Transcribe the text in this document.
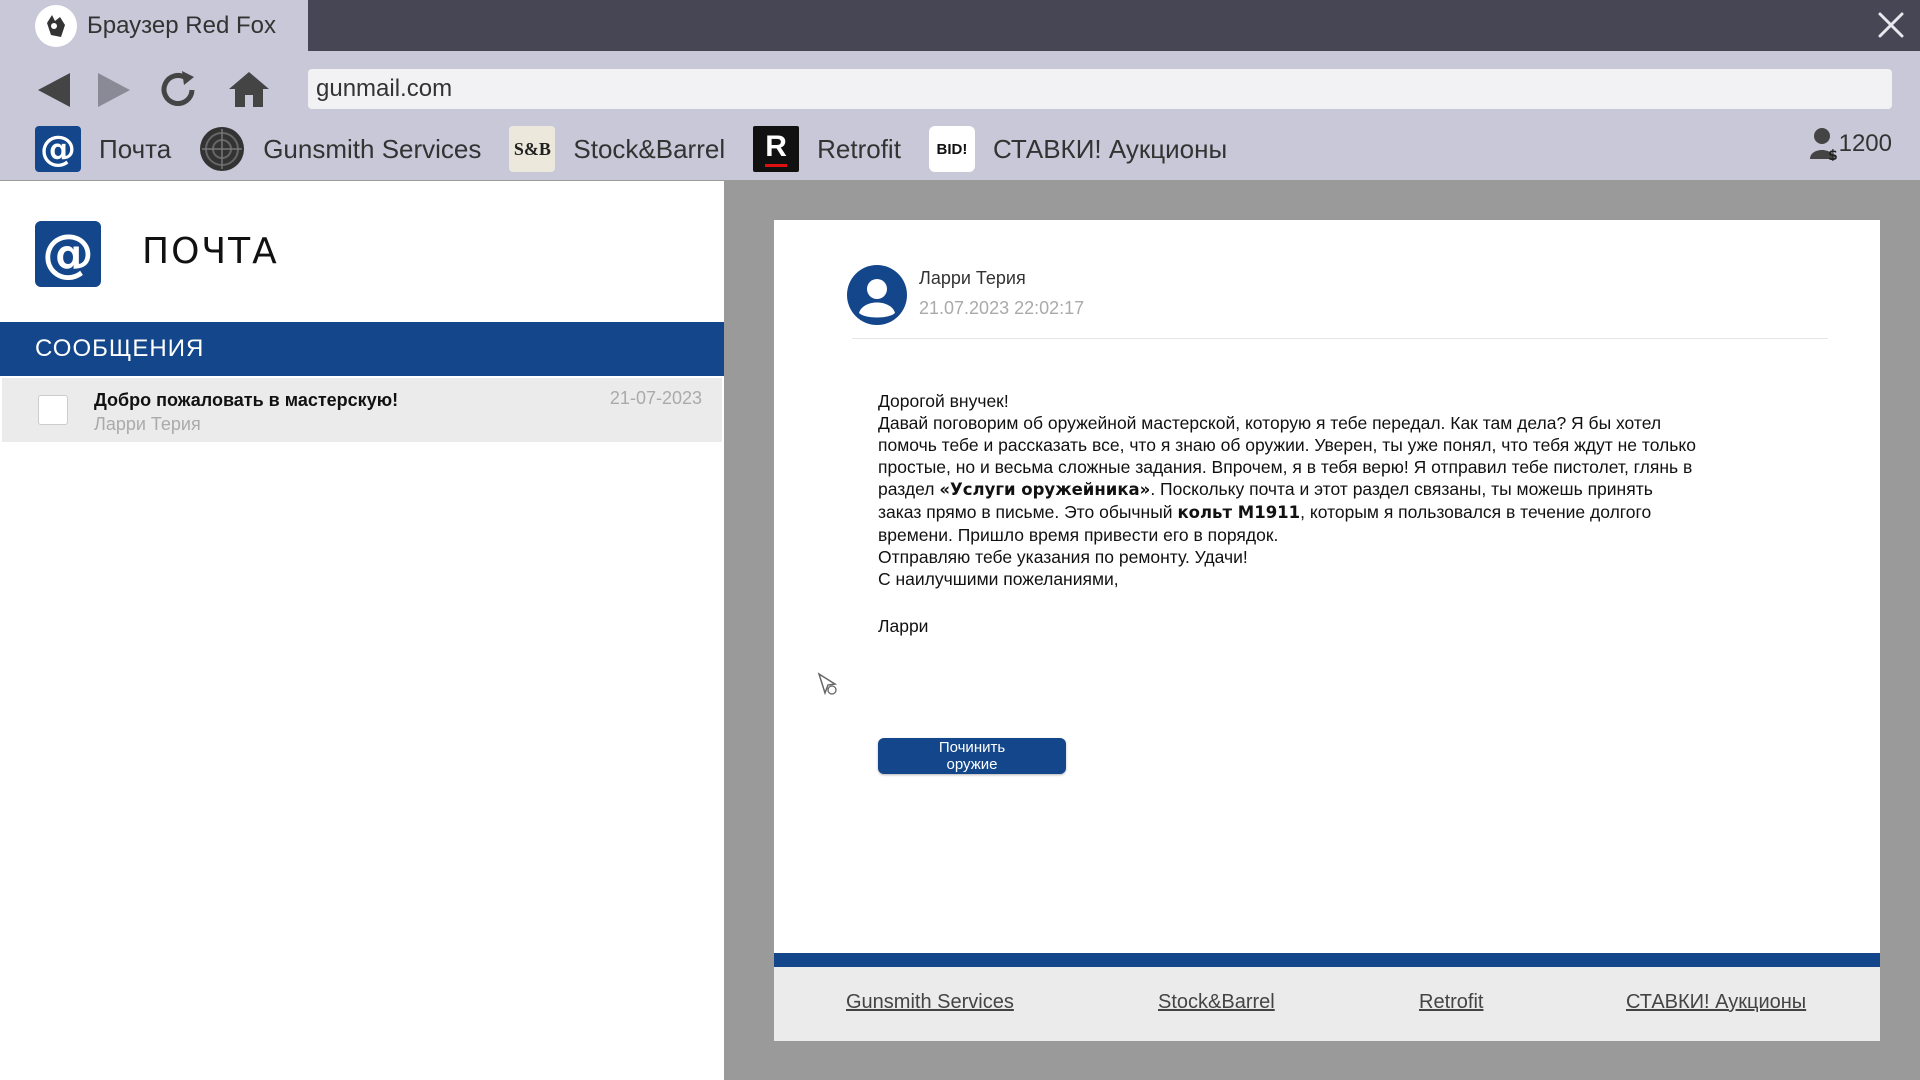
Браузер Red Fox
gunmail.com
@ Почта	Gunsmith Services S&B Stock&Barrel R Retrofit BID! СТАВКИ! Аукционы	$ 1200
@ ПОЧТА
СООБЩЕНИЯ
Добро пожаловать в мастерскую!
Ларри Терия
21-07-2023
Ларри Терия
21.07.2023 22:02:17

Дорогой внучек!

Давай поговорим об оружейной мастерской, которую я тебе передал. Как там дела? Я бы хотел помочь тебе и рассказать все, что я знаю об оружии. Уверен, ты уже понял, что тебя ждут не только простые, но и весьма сложные задания. Впрочем, я в тебя верю! Я отправил тебе пистолет, глянь в раздел «Услуги оружейника». Поскольку почта и этот раздел связаны, ты можешь принять заказ прямо в письме. Это обычный кольт M1911, которым я пользовался в течение долгого времени. Пришло время привести его в порядок.

Отправляю тебе указания по ремонту. Удачи!

С наилучшими пожеланиями,

Ларри

Починить оружие
Gunsmith Services	Stock&Barrel	Retrofit	СТАВКИ! Аукционы
